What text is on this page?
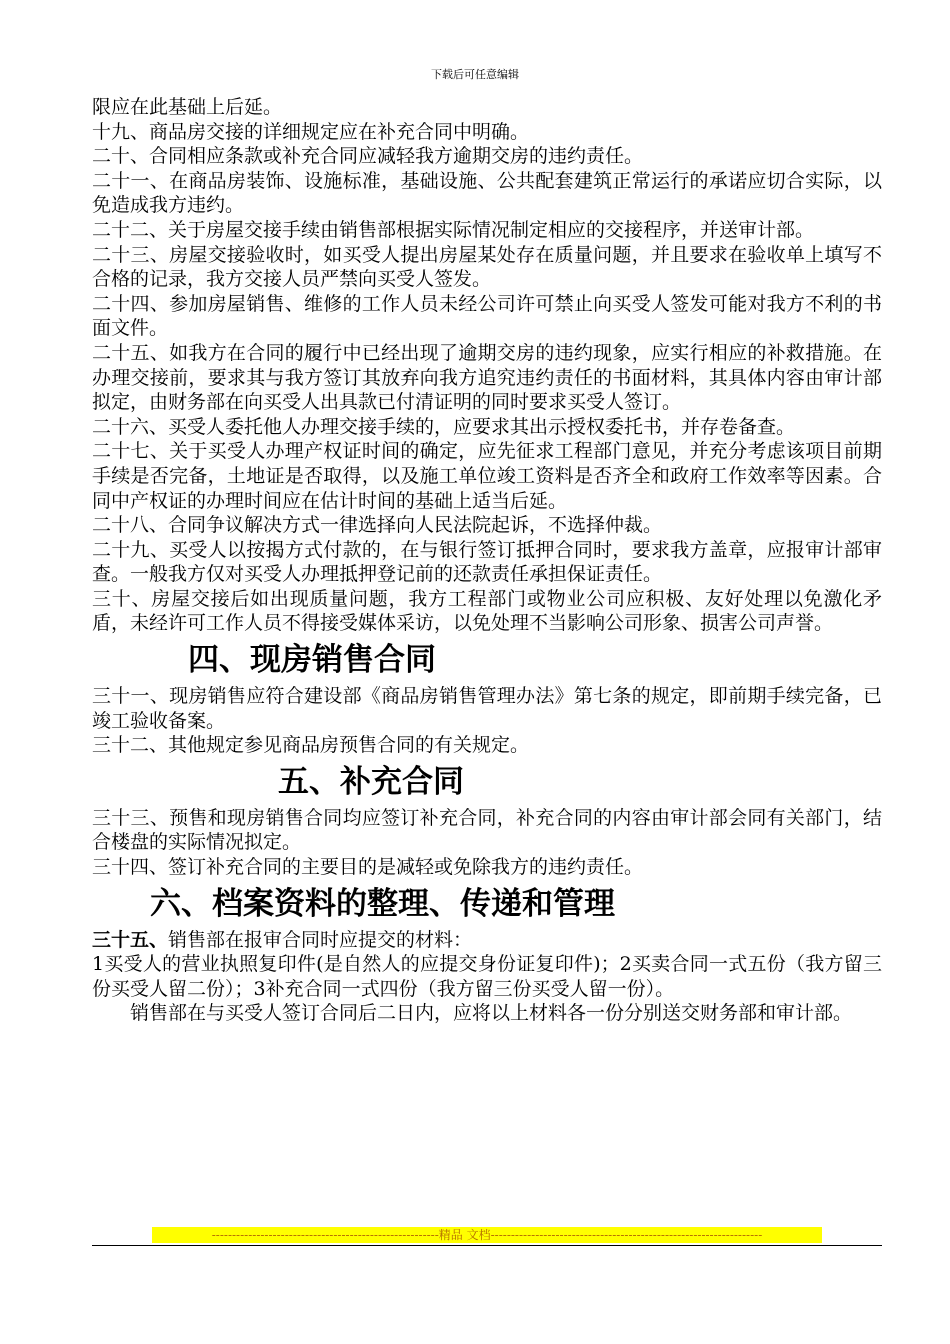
下载后可任意编辑

限应在此基础上后延。

十九、商品房交接的详细规定应在补充合同中明确。

二十、合同相应条款或补充合同应减轻我方逾期交房的违约责任。

二十一、在商品房装饰、设施标准，基础设施、公共配套建筑正常运行的承诺应切合实际，以免造成我方违约。

二十二、关于房屋交接手续由销售部根据实际情况制定相应的交接程序，并送审计部。

二十三、房屋交接验收时，如买受人提出房屋某处存在质量问题，并且要求在验收单上填写不合格的记录，我方交接人员严禁向买受人签发。

二十四、参加房屋销售、维修的工作人员未经公司许可禁止向买受人签发可能对我方不利的书面文件。

二十五、如我方在合同的履行中已经出现了逾期交房的违约现象，应实行相应的补救措施。在办理交接前，要求其与我方签订其放弃向我方追究违约责任的书面材料，其具体内容由审计部拟定，由财务部在向买受人出具款已付清证明的同时要求买受人签订。

二十六、买受人委托他人办理交接手续的，应要求其出示授权委托书，并存卷备查。

二十七、关于买受人办理产权证时间的确定，应先征求工程部门意见，并充分考虑该项目前期手续是否完备，土地证是否取得，以及施工单位竣工资料是否齐全和政府工作效率等因素。合同中产权证的办理时间应在估计时间的基础上适当后延。

二十八、合同争议解决方式一律选择向人民法院起诉，不选择仲裁。

二十九、买受人以按揭方式付款的，在与银行签订抵押合同时，要求我方盖章，应报审计部审查。一般我方仅对买受人办理抵押登记前的还款责任承担保证责任。

三十、房屋交接后如出现质量问题，我方工程部门或物业公司应积极、友好处理以免激化矛盾，未经许可工作人员不得接受媒体采访，以免处理不当影响公司形象、损害公司声誉。

四、现房销售合同

三十一、现房销售应符合建设部《商品房销售管理办法》第七条的规定，即前期手续完备，已竣工验收备案。

三十二、其他规定参见商品房预售合同的有关规定。

五、补充合同

三十三、预售和现房销售合同均应签订补充合同，补充合同的内容由审计部会同有关部门，结合楼盘的实际情况拟定。

三十四、签订补充合同的主要目的是减轻或免除我方的违约责任。

六、档案资料的整理、传递和管理

三十五、销售部在报审合同时应提交的材料：

1买受人的营业执照复印件(是自然人的应提交身份证复印件)；2买卖合同一式五份（我方留三份买受人留二份）；3补充合同一式四份（我方留三份买受人留一份）。

销售部在与买受人签订合同后二日内，应将以上材料各一份分别送交财务部和审计部。

--------------------------------------------------------精品 文档-------------------------------------------------------------------
